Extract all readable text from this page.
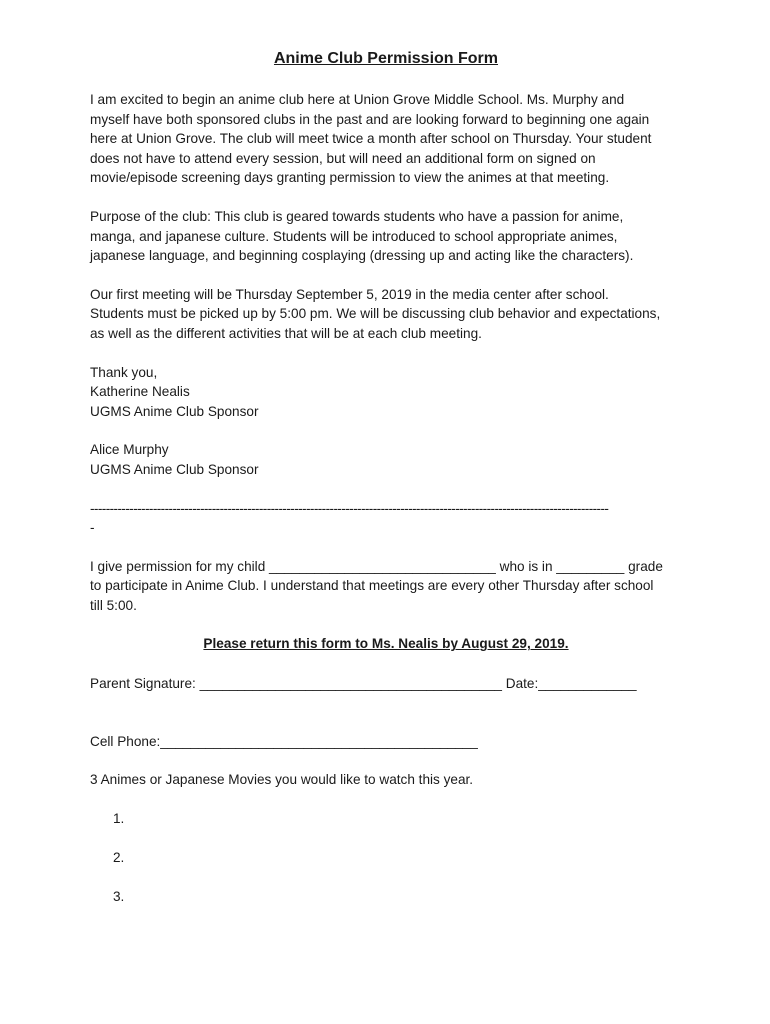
Anime Club Permission Form

I am excited to begin an anime club here at Union Grove Middle School. Ms. Murphy and
myself have both sponsored clubs in the past and are looking forward to beginning one again
here at Union Grove. The club will meet twice a month after school on Thursday. Your student
does not have to attend every session, but will need an additional form on signed on
movie/episode screening days granting permission to view the animes at that meeting.

Purpose of the club: This club is geared towards students who have a passion for anime,
manga, and japanese culture. Students will be introduced to school appropriate animes,
japanese language, and beginning cosplaying (dressing up and acting like the characters).

Our first meeting will be Thursday September 5, 2019 in the media center after school.
Students must be picked up by 5:00 pm. We will be discussing club behavior and expectations,
as well as the different activities that will be at each club meeting.

Thank you,
Katherine Nealis
UGMS Anime Club Sponsor

Alice Murphy
UGMS Anime Club Sponsor

------------------------------------------------------------------------------------------------------------------------------------
-

I give permission for my child ______________________________ who is in _________ grade
to participate in Anime Club. I understand that meetings are every other Thursday after school
till 5:00.

Please return this form to Ms. Nealis by August 29, 2019.
Parent Signature: ________________________________________ Date:_____________
Cell Phone:__________________________________________

3 Animes or Japanese Movies you would like to watch this year.

1.
2.
3.
